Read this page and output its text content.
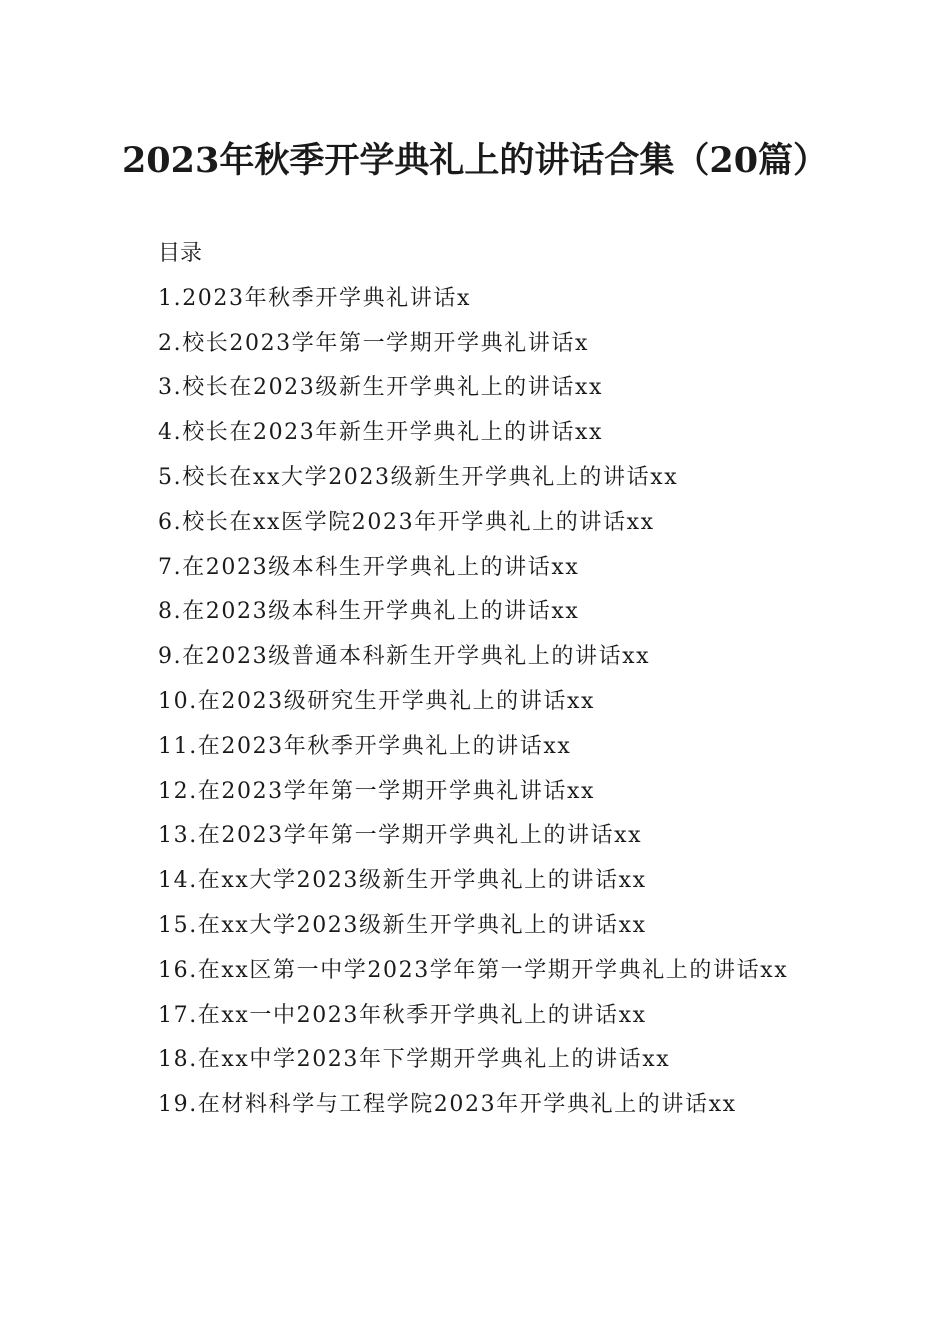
2023年秋季开学典礼上的讲话合集（20篇）

目录

1.2023年秋季开学典礼讲话x
2.校长2023学年第一学期开学典礼讲话x
3.校长在2023级新生开学典礼上的讲话xx
4.校长在2023年新生开学典礼上的讲话xx
5.校长在xx大学2023级新生开学典礼上的讲话xx
6.校长在xx医学院2023年开学典礼上的讲话xx
7.在2023级本科生开学典礼上的讲话xx
8.在2023级本科生开学典礼上的讲话xx
9.在2023级普通本科新生开学典礼上的讲话xx
10.在2023级研究生开学典礼上的讲话xx
11.在2023年秋季开学典礼上的讲话xx
12.在2023学年第一学期开学典礼讲话xx
13.在2023学年第一学期开学典礼上的讲话xx
14.在xx大学2023级新生开学典礼上的讲话xx
15.在xx大学2023级新生开学典礼上的讲话xx
16.在xx区第一中学2023学年第一学期开学典礼上的讲话xx
17.在xx一中2023年秋季开学典礼上的讲话xx
18.在xx中学2023年下学期开学典礼上的讲话xx
19.在材料科学与工程学院2023年开学典礼上的讲话xx
